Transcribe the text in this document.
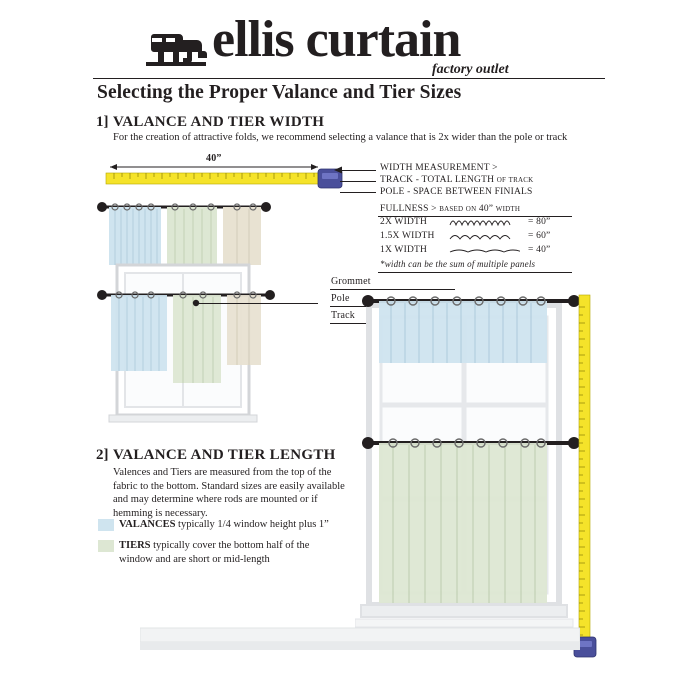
ellis curtain
factory outlet
Selecting the Proper Valance and Tier Sizes
1] VALANCE AND TIER WIDTH
For the creation of attractive folds, we recommend selecting a valance that is 2x wider than the pole or track
40”
WIDTH MEASUREMENT >
TRACK - TOTAL LENGTH of track
POLE - SPACE BETWEEN FINIALS
FULLNESS > based on 40” width
2X WIDTH	= 80”
1.5X WIDTH	= 60”
1X WIDTH	= 40”
*width can be the sum of multiple panels
Grommet
Pole
Track
2] VALANCE AND TIER LENGTH
Valences and Tiers are measured from the top of the fabric to the bottom. Standard sizes are easily available and may determine where rods are mounted or if hemming is necessary.
VALANCES typically 1/4 window height plus 1”
TIERS typically cover the bottom half of the window and are short or mid-length
